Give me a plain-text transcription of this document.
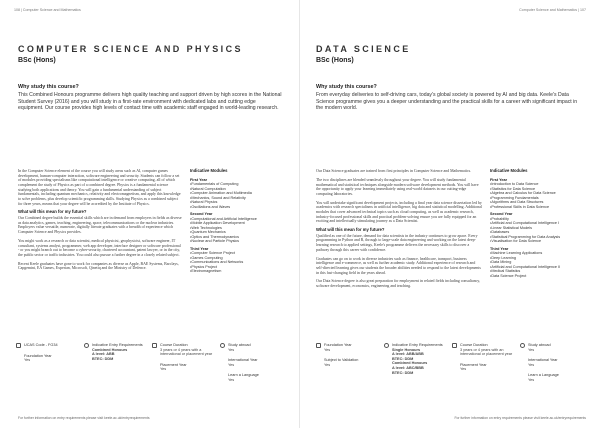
108 | Computer Science and Mathematics
COMPUTER SCIENCE AND PHYSICS
BSc (Hons)
Why study this course?
This Combined Honours programme delivers high quality teaching and support driven by high scores in the National Student Survey (2016) and you will study in a first-rate environment with dedicated labs and cutting edge equipment. Our course provides high levels of contact time with academic staff engaged in world-leading research.

In the Computer Science element of the course you will study areas such as AI, computer games development, human-computer interaction, software engineering and security. Students can follow a set of modules providing specialisms like computational intelligence or creative computing, all of which complement the study of Physics as part of a combined degree. Physics is a fundamental science studying both applications and theory. You will gain a fundamental understanding of subject fundamentals, including quantum mechanics, relativity and electromagnetism, and apply this knowledge to solve problems, plus develop scientific programming skills. Studying Physics as a combined subject for three years, means that your degree will be accredited by the Institute of Physics.

What will this mean for my future?

Our Combined degree builds the essential skills which are in demand from employers in fields as diverse as data analytics, games, teaching, engineering, space, telecommunications or the nuclear industries. Employers value versatile, numerate, digitally literate graduates with a breadth of experience which Computer Science and Physics provides.

You might work as a research or data scientist, medical physicist, geophysicist, software engineer, IT consultant, systems analyst, programmer, web app developer, interface designer or software professional - or you might branch out to become a cyber-security, chartered accountant, patent lawyer, or in the city, the public sector or traffic industries. You could also pursue a further degree in a closely related subject.

Recent Keele graduates have gone to work for companies as diverse as Apple, BAE Systems, Barclays, Capgemini, EA Games, Experian, Microsoft, Qinetiq and the Ministry of Defence.

Indicative Modules
First Year
• Fundamentals of Computing
• Natural Computation
• Computer Animation and Multimedia
• Mechanics, Sound and Relativity
• Natural Physics
• Oscillations and Waves
Second Year
• Computational and Artificial Intelligence
• Mobile Application Development
• Web Technologies
• Quantum Mechanics
• Optics and Thermodynamics
• Nuclear and Particle Physics
Third Year
• Computer Science Project
• Games Computing
• Communications and Networks
• Physics Project
• Electromagnetism
UCAS Code - FG34
Foundation Year
Yes
Indicative Entry Requirements
Combined Honours
A level: ABB
BTEC: DDM
Course Duration
3 years or 4 years with a international or placement year
Placement Year
Yes
Study abroad
Yes
International Year
Yes
Learn a Language
Yes
For further information on entry requirements please visit keele.ac.uk/entryrequirements
Computer Science and Mathematics | 107
DATA SCIENCE
BSc (Hons)
Why study this course?
From everyday deliveries to self-driving cars, today's global society is powered by AI and big data. Keele's Data Science programme gives you a deeper understanding and the practical skills for a career with significant impact in the modern world.

Our Data Science graduates are trained from first principles in Computer Science and Mathematics.

The two disciplines are blended seamlessly throughout your degree. You will study fundamental mathematical and statistical techniques alongside modern software development methods. You will have the opportunity to apply your learning immediately using real-world datasets in our cutting-edge computing laboratories.

You will undertake significant development projects, including a final year data science dissertation led by academics with research specialisms in artificial intelligence, big data and statistical modelling. Additional modules that cover advanced technical topics such as cloud computing, as well as academic research, industry-focused professional skills and practical problem-solving ensure you are fully equipped for an exciting and intellectually stimulating journey as a Data Scientist.

What will this mean for my future?

Qualified as one of the future, demand for data scientists in the industry continues to grow apace. Every programming in Python and R, through to large-scale data engineering and working on the latest deep-learning research to applied settings, Keele's programme delivers the necessary skills to discover a pathway through this career with confidence.

Graduates can go on to work in diverse industries such as finance, healthcare, transport, business intelligence and e-commerce, as well as further academic study. Additional experience of research and self-directed learning gives our students the broader abilities needed to respond to the latest developments in this fast-changing field in the years ahead.

Our Data Science degree is also great preparation for employment in related fields including consultancy, software development, economics, engineering and teaching.

Indicative Modules
First Year
• Introduction to Data Science
• Statistics for Data Science
• Algebra and Calculus for Data Science
• Programming Fundamentals
• Algorithms and Data Structures
• Professional Skills in Data Science
Second Year
• Probability
• Artificial and Computational Intelligence I
• Linear Statistical Models
• Databases
• Statistical Programming for Data Analysis
• Visualisation for Data Science
Third Year
• Machine Learning Applications
• Deep Learning
• Data Mining
• Artificial and Computational Intelligence II
• Medical Statistics
• Data Science Project
Foundation Year
Yes
Subject to Validation
Yes
Indicative Entry Requirements
Single Honours
A level: ABB/ABB
BTEC: DDM
Combined Honours
A level: ABC/BBB
BTEC: DDM
Course Duration
3 years or 4 years with an international or placement year
Placement Year
Yes
Study abroad
Yes
International Year
Yes
Learn a Language
Yes
For further information on entry requirements please visit keele.ac.uk/entryrequirements
